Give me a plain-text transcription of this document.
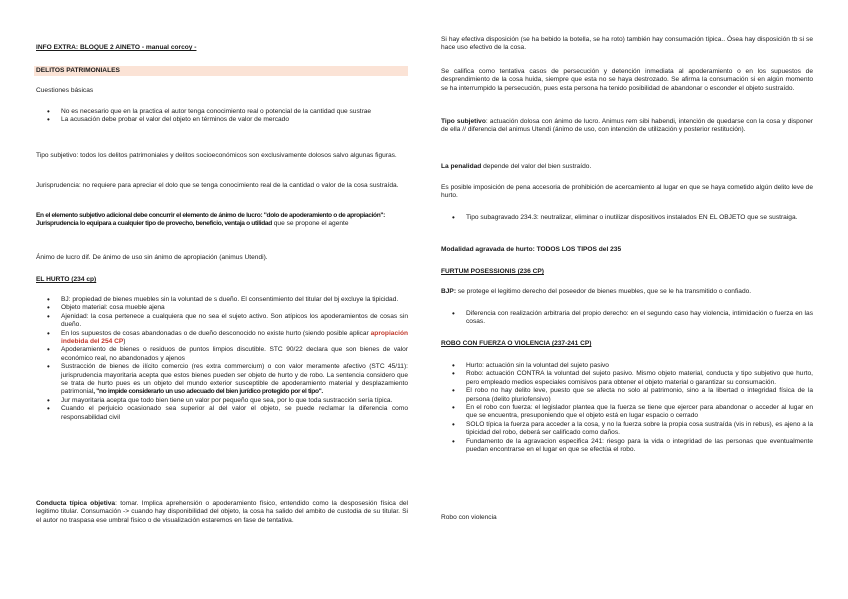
INFO EXTRA: BLOQUE 2 AINETO - manual corcoy -
DELITOS PATRIMONIALES
Cuestiones básicas
• No es necesario que en la practica el autor tenga conocimiento real o potencial de la cantidad que sustrae
• La acusación debe probar el valor del objeto en términos de valor de mercado
Tipo subjetivo: todos los delitos patrimoniales y delitos socioeconómicos son exclusivamente dolosos salvo algunas figuras.
Jurisprudencia: no requiere para apreciar el dolo que se tenga conocimiento real de la cantidad o valor de la cosa sustraída.
En el elemento subjetivo adicional debe concurrir el elemento de ánimo de lucro: "dolo de apoderamiento o de apropiación": Jurisprudencia lo equipara a cualquier tipo de provecho, beneficio, ventaja o utilidad que se propone el agente
Ánimo de lucro dif. De ánimo de uso sin ánimo de apropiación (animus Utendi).
EL HURTO (234 cp)
• BJ: propiedad de bienes muebles sin la voluntad de s dueño. El consentimiento del titular del bj excluye la tipicidad.
• Objeto material: cosa mueble ajena
• Ajenidad: la cosa pertenece a cualquiera que no sea el sujeto activo. Son atípicos los apoderamientos de cosas sin dueño.
• En los supuestos de cosas abandonadas o de dueño desconocido no existe hurto (siendo posible aplicar apropiación indebida del 254 CP)
• Apoderamiento de bienes o residuos de puntos limpios discutible. STC 90/22 declara que son bienes de valor económico real, no abandonados y ajenos
• Sustracción de bienes de ilícito comercio (res extra commercium) o con valor meramente afectivo (STC 45/11): jurisprudencia mayoritaria acepta que estos bienes pueden ser objeto de hurto y de robo. La sentencia considero que se trata de hurto pues es un objeto del mundo exterior susceptible de apoderamiento material y desplazamiento patrimonial, "no impide considerarlo un uso adecuado del bien jurídico protegido por el tipo".
• Jur mayoritaria acepta que todo bien tiene un valor por pequeño que sea, por lo que toda sustracción sería típica.
• Cuando el perjuicio ocasionado sea superior al del valor el objeto, se puede reclamar la diferencia como responsabilidad civil
Conducta típica objetiva: tomar. Implica aprehensión o apoderamiento físico, entendido como la desposesión física del legitimo titular. Consumación -> cuando hay disponibilidad del objeto, la cosa ha salido del ambito de custodia de su titular. Si el autor no traspasa ese umbral físico o de visualización estaremos en fase de tentativa.
Si hay efectiva disposición (se ha bebido la botella, se ha roto) también hay consumación típica.. Ósea hay disposición tb si se hace uso efectivo de la cosa.
Se califica como tentativa casos de persecución y detención inmediata al apoderamiento o en los supuestos de desprendimiento de la cosa huida, siempre que esta no se haya destrozado. Se afirma la consumación si en algún momento se ha interrumpido la persecución, pues esta persona ha tenido posibilidad de abandonar o esconder el objeto sustraído.
Tipo subjetivo: actuación dolosa con ánimo de lucro. Animus rem sibi habendi, intención de quedarse con la cosa y disponer de ella // diferencia del animus Utendi (ánimo de uso, con intención de utilización y posterior restitución).
La penalidad depende del valor del bien sustraído.
Es posible imposición de pena accesoria de prohibición de acercamiento al lugar en que se haya cometido algún delito leve de hurto.
• Tipo subagravado 234.3: neutralizar, eliminar o inutilizar dispositivos instalados EN EL OBJETO que se sustraiga.
Modalidad agravada de hurto: TODOS LOS TIPOS del 235
FURTUM POSESSIONIS (236 CP)
BJP: se protege el legitimo derecho del poseedor de bienes muebles, que se le ha transmitido o confiado.
• Diferencia con realización arbitraria del propio derecho: en el segundo caso hay violencia, intimidación o fuerza en las cosas.
ROBO CON FUERZA O VIOLENCIA (237-241 CP)
• Hurto: actuación sin la voluntad del sujeto pasivo
• Robo: actuación CONTRA la voluntad del sujeto pasivo. Mismo objeto material, conducta y tipo subjetivo que hurto, pero empleado medios especiales comisivos para obtener el objeto material o garantizar su consumación.
• El robo no hay delito leve, puesto que se afecta no solo al patrimonio, sino a la libertad o integridad física de la persona (delito pluriofensivo)
• En el robo con fuerza: el legislador plantea que la fuerza se tiene que ejercer para abandonar o acceder al lugar en que se encuentra, presuponiendo que el objeto está en lugar espacio o cerrado
• SOLO típica la fuerza para acceder a la cosa, y no la fuerza sobre la propia cosa sustraída (vis in rebus), es ajeno a la tipicidad del robo, deberá ser calificado como daños.
• Fundamento de la agravacion especifica 241: riesgo para la vida o integridad de las personas que eventualmente puedan encontrarse en el lugar en que se efectúa el robo.
Robo con violencia
